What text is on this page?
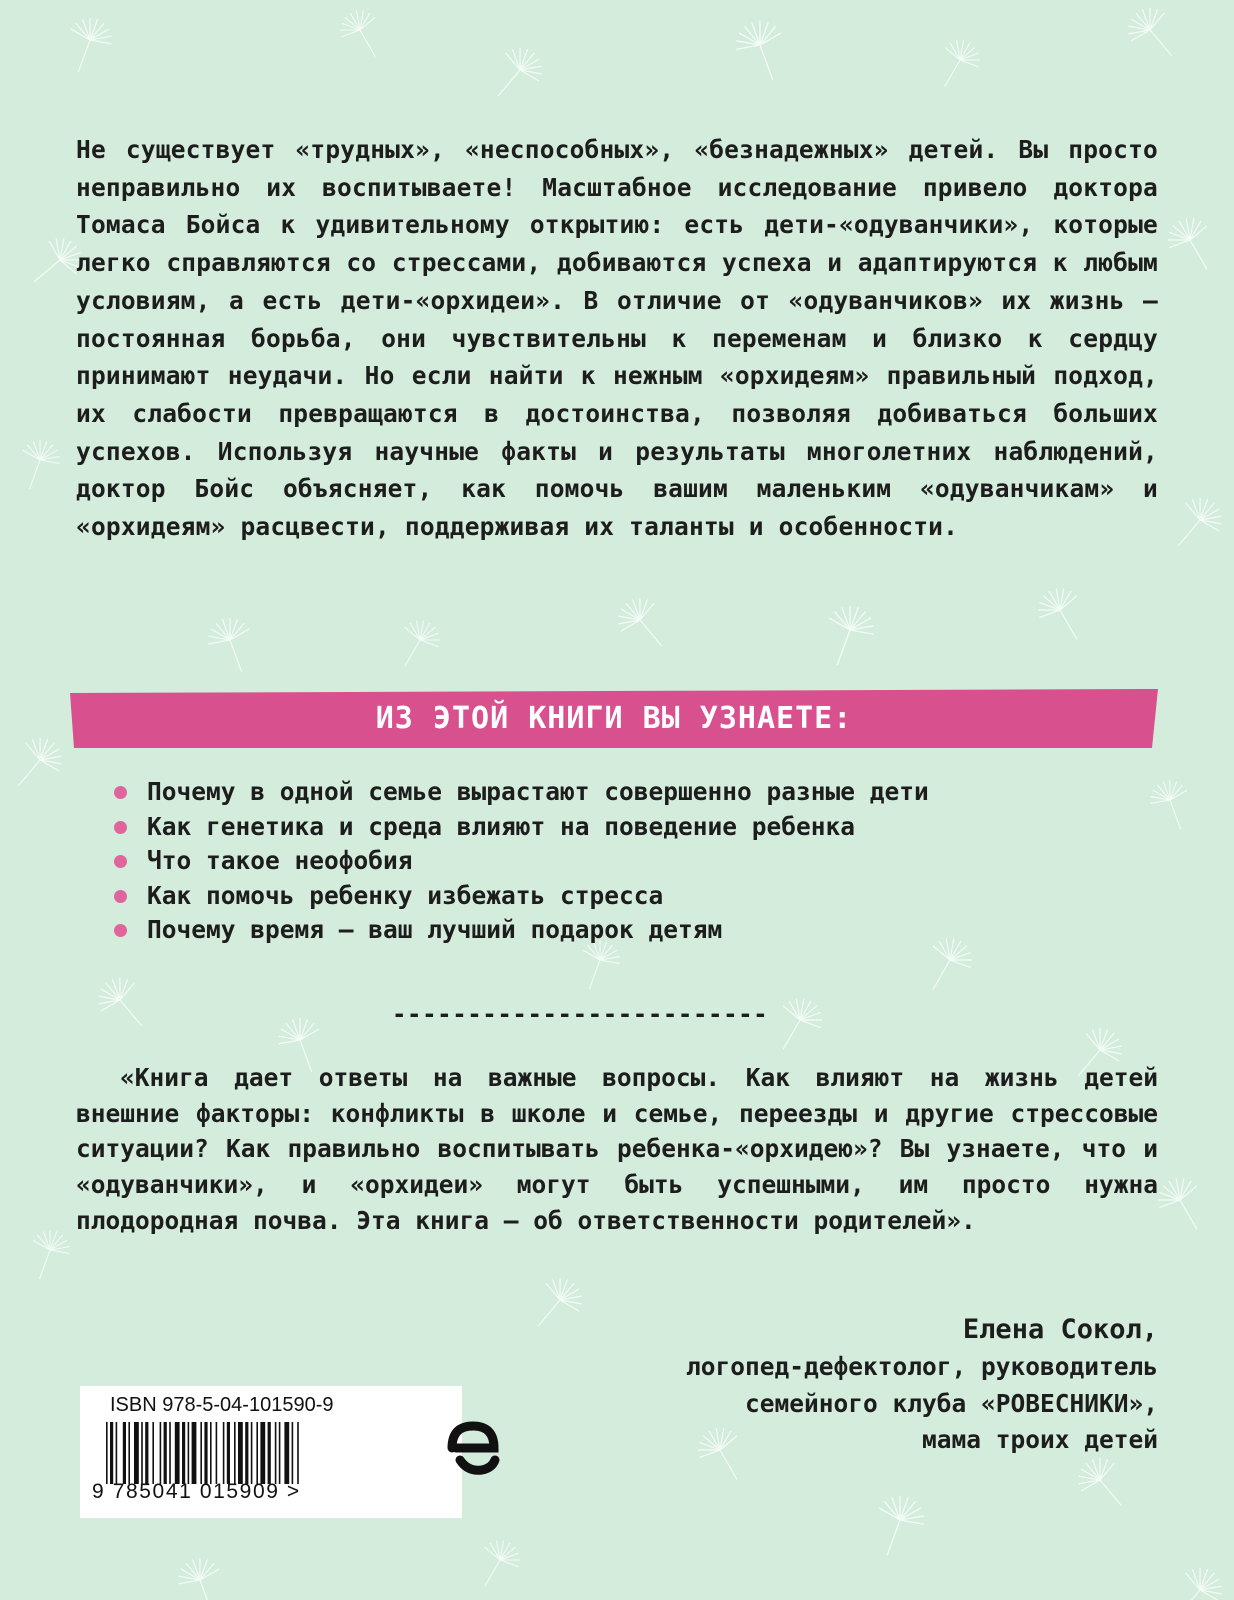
Не существует «трудных», «неспособных», «безнадежных» детей. Вы просто неправильно их воспитываете! Масштабное исследование привело доктора Томаса Бойса к удивительному открытию: есть дети-«одуванчики», которые легко справляются со стрессами, добиваются успеха и адаптируются к любым условиям, а есть дети-«орхидеи». В отличие от «одуванчиков» их жизнь — постоянная борьба, они чувствительны к переменам и близко к сердцу принимают неудачи. Но если найти к нежным «орхидеям» правильный подход, их слабости превращаются в достоинства, позволяя добиваться больших успехов. Используя научные факты и результаты многолетних наблюдений, доктор Бойс объясняет, как помочь вашим маленьким «одуванчикам» и «орхидеям» расцвести, поддерживая их таланты и особенности.

ИЗ ЭТОЙ КНИГИ ВЫ УЗНАЕТЕ:
Почему в одной семье вырастают совершенно разные дети
Как генетика и среда влияют на поведение ребенка
Что такое неофобия
Как помочь ребенку избежать стресса
Почему время — ваш лучший подарок детям
-------------------------

«Книга дает ответы на важные вопросы. Как влияют на жизнь детей внешние факторы: конфликты в школе и семье, переезды и другие стрессовые ситуации? Как правильно воспитывать ребенка-«орхидею»? Вы узнаете, что и «одуванчики», и «орхидеи» могут быть успешными, им просто нужна плодородная почва. Эта книга — об ответственности родителей».

Елена Сокол,
логопед-дефектолог, руководитель
семейного клуба «РОВЕСНИКИ»,
мама троих детей
ISBN 978-5-04-101590-9
9 785041 015909 >
